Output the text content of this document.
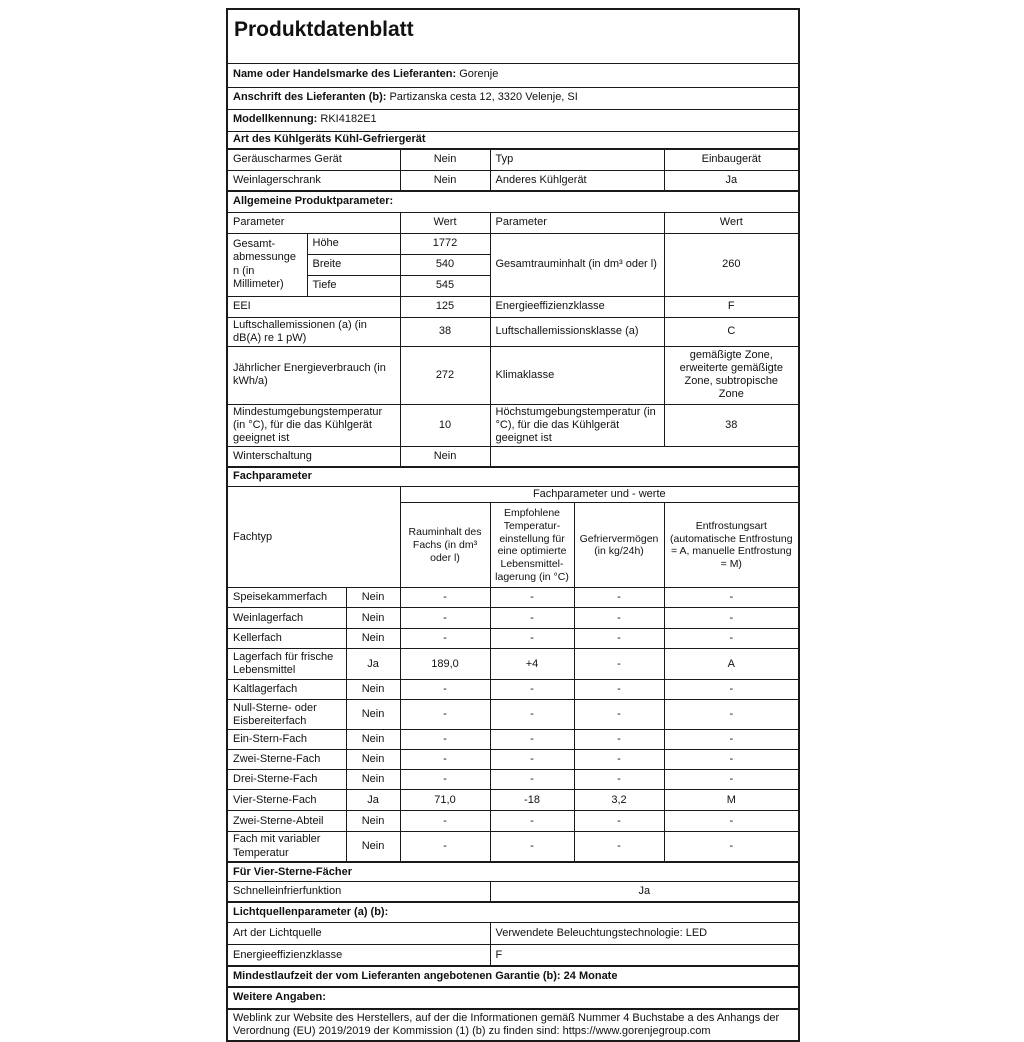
Produktdatenblatt						
Name oder Handelsmarke des Lieferanten: Gorenje						
Anschrift des Lieferanten (b): Partizanska cesta 12, 3320 Velenje, SI						
Modellkennung: RKI4182E1						
Art des Kühlgeräts Kühl-Gefriergerät						
Geräuscharmes Gerät			Nein	Typ		Einbaugerät
Weinlagerschrank			Nein	Anderes Kühlgerät		Ja
Allgemeine Produktparameter:						
Parameter			Wert	Parameter		Wert
Gesamt-abmessungen (in Millimeter)	Höhe		1772	Gesamtrauminhalt (in dm³ oder l)		260
	Breite		540			
	Tiefe		545			
EEI			125	Energieeffizienzklasse		F
Luftschallemissionen (a) (in dB(A) re 1 pW)			38	Luftschallemissionsklasse (a)		C
Jährlicher Energieverbrauch (in kWh/a)			272	Klimaklasse		gemäßigte Zone, erweiterte gemäßigte Zone, subtropische Zone
Mindestumgebungstemperatur (in °C), für die das Kühlgerät geeignet ist			10	Höchstumgebungstemperatur (in °C), für die das Kühlgerät geeignet ist		38
Winterschaltung			Nein			
Fachparameter						
Fachtyp			Fachparameter und - werte			
			Rauminhalt des Fachs (in dm³ oder l)	Empfohlene Temperatur-einstellung für eine optimierte Lebensmittel-lagerung (in °C)	Gefriervermögen (in kg/24h)	Entfrostungsart (automatische Entfrostung = A, manuelle Entfrostung = M)
Speisekammerfach		Nein	-	-	-	-
Weinlagerfach		Nein	-	-	-	-
Kellerfach		Nein	-	-	-	-
Lagerfach für frische Lebensmittel		Ja	189,0	+4	-	A
Kaltlagerfach		Nein	-	-	-	-
Null-Sterne- oder Eisbereiterfach		Nein	-	-	-	-
Ein-Stern-Fach		Nein	-	-	-	-
Zwei-Sterne-Fach		Nein	-	-	-	-
Drei-Sterne-Fach		Nein	-	-	-	-
Vier-Sterne-Fach		Ja	71,0	-18	3,2	M
Zwei-Sterne-Abteil		Nein	-	-	-	-
Fach mit variabler Temperatur		Nein	-	-	-	-
Für Vier-Sterne-Fächer						
Schnelleinfrierfunktion				Ja		
Lichtquellenparameter (a) (b):						
Art der Lichtquelle				Verwendete Beleuchtungstechnologie: LED		
Energieeffizienzklasse				F		
Mindestlaufzeit der vom Lieferanten angebotenen Garantie (b): 24 Monate						
Weitere Angaben:						
Weblink zur Website des Herstellers, auf der die Informationen gemäß Nummer 4 Buchstabe a des Anhangs der Verordnung (EU) 2019/2019 der Kommission (1) (b) zu finden sind: https://www.gorenjegroup.com						
